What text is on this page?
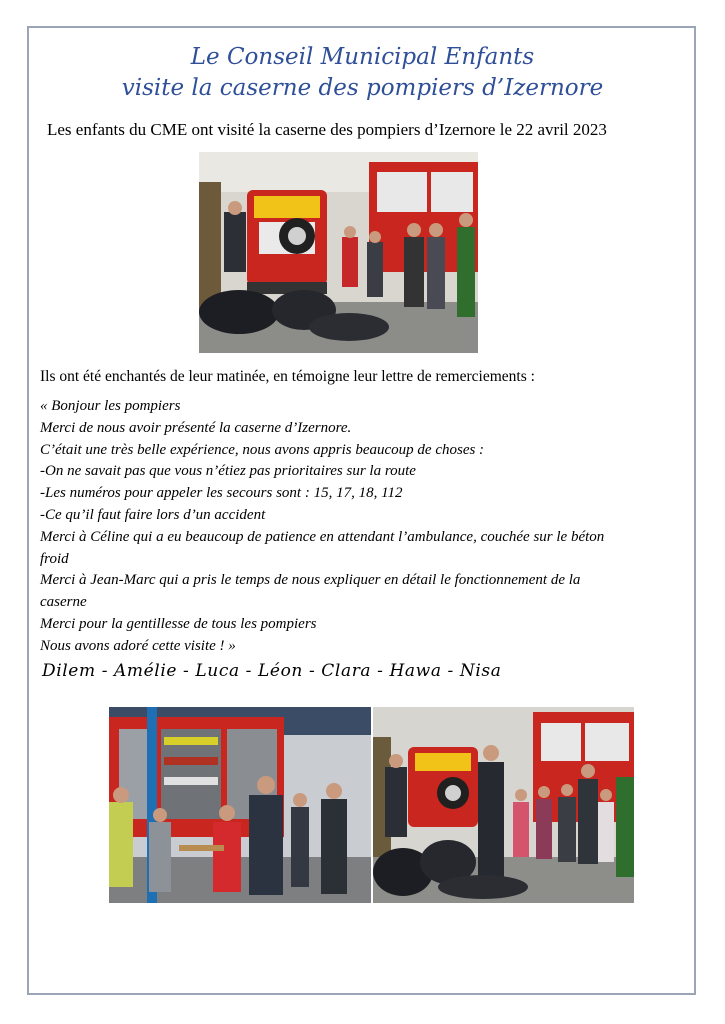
Le Conseil Municipal Enfants
visite la caserne des pompiers d’Izernore
Les enfants du CME ont visité la caserne des pompiers d’Izernore le 22 avril 2023
Ils ont été enchantés de leur matinée, en témoigne leur lettre de remerciements :
« Bonjour les pompiers
Merci de nous avoir présenté la caserne d’Izernore.
C’était une très belle expérience, nous avons appris beaucoup de choses :
-On ne savait pas que vous n’étiez pas prioritaires sur la route
-Les numéros pour appeler les secours sont : 15, 17, 18, 112
-Ce qu’il faut faire lors d’un accident
Merci à Céline qui a eu beaucoup de patience en attendant l’ambulance, couchée sur le béton
froid
Merci à Jean-Marc qui a pris le temps de nous expliquer en détail le fonctionnement de la
caserne
Merci pour la gentillesse de tous les pompiers
Nous avons adoré cette visite ! »
Dilem - Amélie - Luca - Léon - Clara - Hawa - Nisa
